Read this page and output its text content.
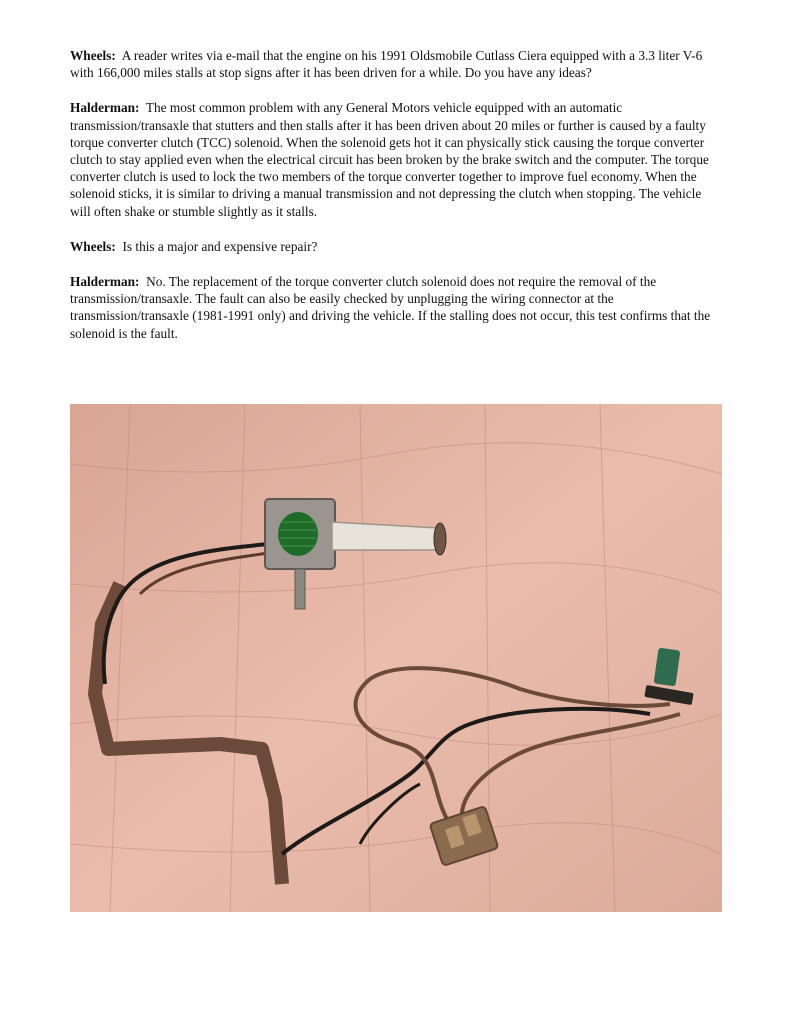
Wheels: A reader writes via e-mail that the engine on his 1991 Oldsmobile Cutlass Ciera equipped with a 3.3 liter V-6 with 166,000 miles stalls at stop signs after it has been driven for a while. Do you have any ideas?

Halderman: The most common problem with any General Motors vehicle equipped with an automatic transmission/transaxle that stutters and then stalls after it has been driven about 20 miles or further is caused by a faulty torque converter clutch (TCC) solenoid. When the solenoid gets hot it can physically stick causing the torque converter clutch to stay applied even when the electrical circuit has been broken by the brake switch and the computer. The torque converter clutch is used to lock the two members of the torque converter together to improve fuel economy. When the solenoid sticks, it is similar to driving a manual transmission and not depressing the clutch when stopping. The vehicle will often shake or stumble slightly as it stalls.

Wheels: Is this a major and expensive repair?

Halderman: No. The replacement of the torque converter clutch solenoid does not require the removal of the transmission/transaxle. The fault can also be easily checked by unplugging the wiring connector at the transmission/transaxle (1981-1991 only) and driving the vehicle. If the stalling does not occur, this test confirms that the solenoid is the fault.
